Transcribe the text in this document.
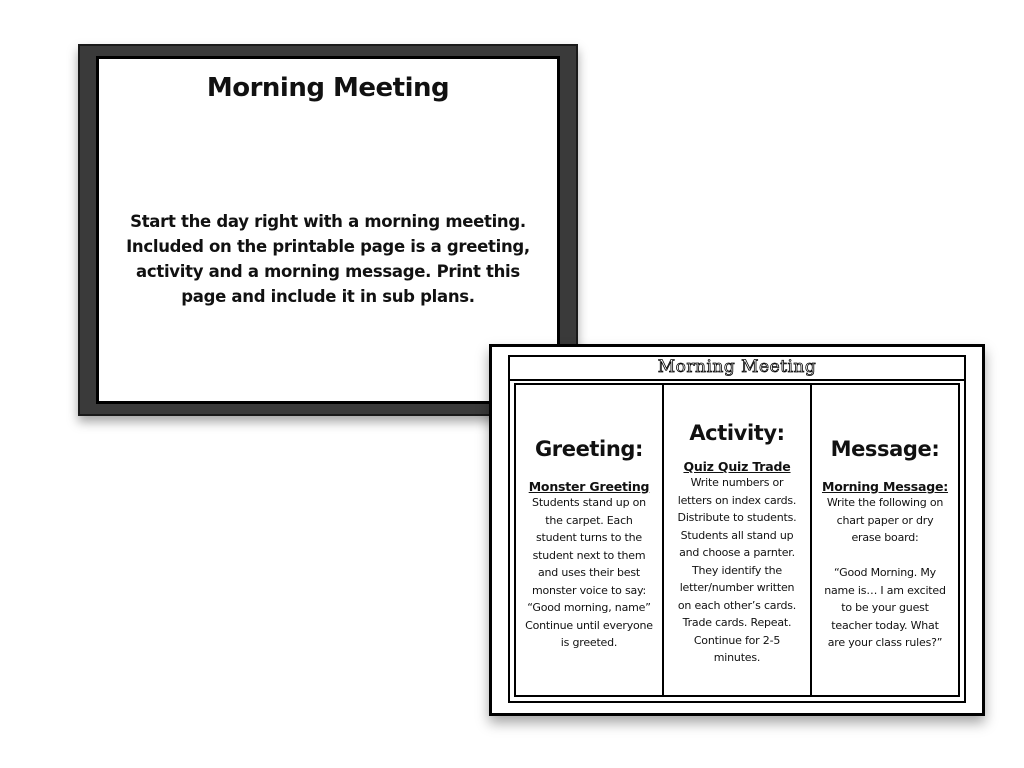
Morning Meeting
Start the day right with a morning meeting. Included on the printable page is a greeting, activity and a morning message. Print this page and include it in sub plans.
Morning Meeting
Greeting:
Monster Greeting
Students stand up on
the carpet. Each
student turns to the
student next to them
and uses their best
monster voice to say:
“Good morning, name”
Continue until everyone
is greeted.
Activity:
Quiz Quiz Trade
Write numbers or
letters on index cards.
Distribute to students.
Students all stand up
and choose a parnter.
They identify the
letter/number written
on each other’s cards.
Trade cards. Repeat.
Continue for 2-5
minutes.
Message:
Morning Message:
Write the following on
chart paper or dry
erase board:

“Good Morning. My
name is… I am excited
to be your guest
teacher today. What
are your class rules?”
